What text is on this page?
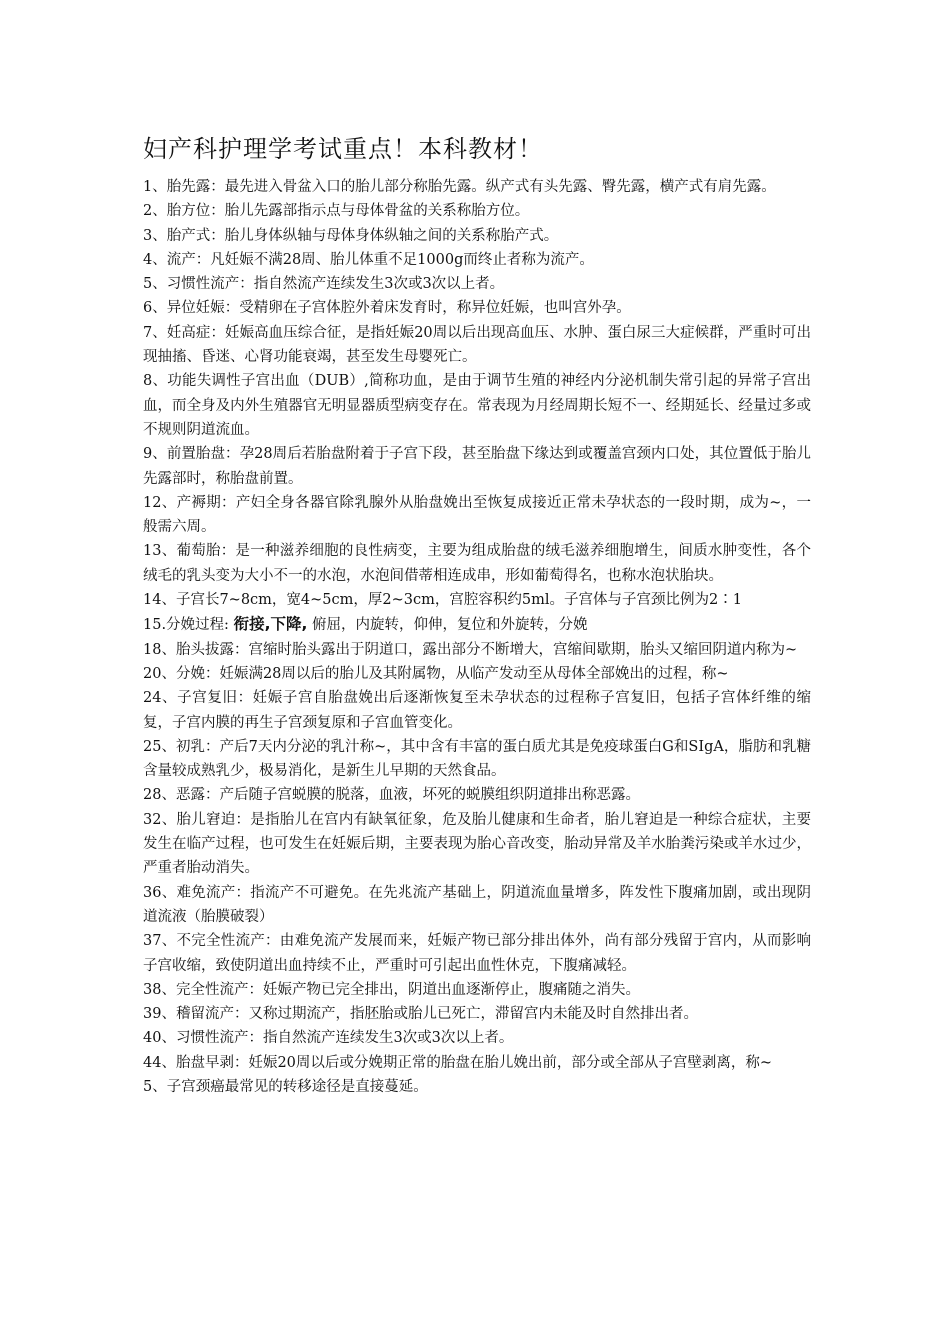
妇产科护理学考试重点！本科教材！

1、胎先露：最先进入骨盆入口的胎儿部分称胎先露。纵产式有头先露、臀先露，横产式有肩先露。

2、胎方位：胎儿先露部指示点与母体骨盆的关系称胎方位。

3、胎产式：胎儿身体纵轴与母体身体纵轴之间的关系称胎产式。

4、流产：凡妊娠不满28周、胎儿体重不足1000g而终止者称为流产。

5、习惯性流产：指自然流产连续发生3次或3次以上者。

6、异位妊娠：受精卵在子宫体腔外着床发育时，称异位妊娠，也叫宫外孕。

7、妊高症：妊娠高血压综合征，是指妊娠20周以后出现高血压、水肿、蛋白尿三大症候群，严重时可出现抽搐、昏迷、心肾功能衰竭，甚至发生母婴死亡。

8、功能失调性子宫出血（DUB）,简称功血，是由于调节生殖的神经内分泌机制失常引起的异常子宫出血，而全身及内外生殖器官无明显器质型病变存在。常表现为月经周期长短不一、经期延长、经量过多或不规则阴道流血。

9、前置胎盘：孕28周后若胎盘附着于子宫下段，甚至胎盘下缘达到或覆盖宫颈内口处，其位置低于胎儿先露部时，称胎盘前置。

12、产褥期：产妇全身各器官除乳腺外从胎盘娩出至恢复成接近正常未孕状态的一段时期，成为~，一般需六周。

13、葡萄胎：是一种滋养细胞的良性病变，主要为组成胎盘的绒毛滋养细胞增生，间质水肿变性，各个绒毛的乳头变为大小不一的水泡，水泡间借蒂相连成串，形如葡萄得名，也称水泡状胎块。

14、子宫长7~8cm，宽4~5cm，厚2~3cm，宫腔容积约5ml。子宫体与子宫颈比例为2∶1

15.分娩过程: 衔接,下降, 俯屈，内旋转，仰伸，复位和外旋转，分娩

18、胎头拔露：宫缩时胎头露出于阴道口，露出部分不断增大，宫缩间歇期，胎头又缩回阴道内称为~

20、分娩：妊娠满28周以后的胎儿及其附属物，从临产发动至从母体全部娩出的过程，称~

24、子宫复旧：妊娠子宫自胎盘娩出后逐渐恢复至未孕状态的过程称子宫复旧，包括子宫体纤维的缩复，子宫内膜的再生子宫颈复原和子宫血管变化。

25、初乳：产后7天内分泌的乳汁称~，其中含有丰富的蛋白质尤其是免疫球蛋白G和SIgA，脂肪和乳糖含量较成熟乳少，极易消化，是新生儿早期的天然食品。

28、恶露：产后随子宫蜕膜的脱落，血液，坏死的蜕膜组织阴道排出称恶露。

32、胎儿窘迫：是指胎儿在宫内有缺氧征象，危及胎儿健康和生命者，胎儿窘迫是一种综合症状，主要发生在临产过程，也可发生在妊娠后期，主要表现为胎心音改变，胎动异常及羊水胎粪污染或羊水过少，严重者胎动消失。

36、难免流产：指流产不可避免。在先兆流产基础上，阴道流血量增多，阵发性下腹痛加剧，或出现阴道流液（胎膜破裂）

37、不完全性流产：由难免流产发展而来，妊娠产物已部分排出体外，尚有部分残留于宫内，从而影响子宫收缩，致使阴道出血持续不止，严重时可引起出血性休克，下腹痛减轻。

38、完全性流产：妊娠产物已完全排出，阴道出血逐渐停止，腹痛随之消失。

39、稽留流产：又称过期流产，指胚胎或胎儿已死亡，滞留宫内未能及时自然排出者。

40、习惯性流产：指自然流产连续发生3次或3次以上者。

44、胎盘早剥：妊娠20周以后或分娩期正常的胎盘在胎儿娩出前，部分或全部从子宫壁剥离，称~

5、子宫颈癌最常见的转移途径是直接蔓延。
